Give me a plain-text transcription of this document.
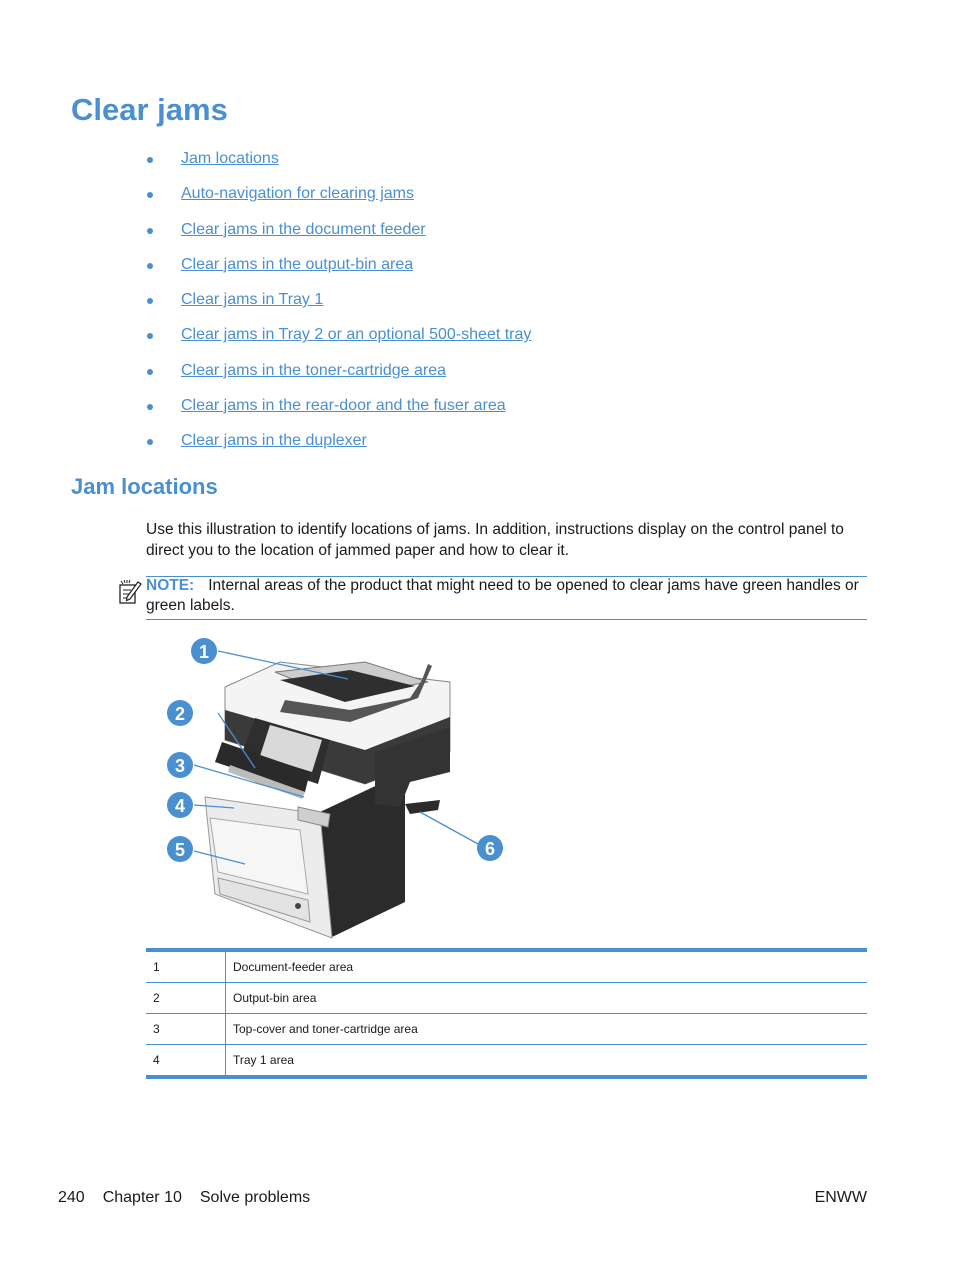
Clear jams
Jam locations
Auto-navigation for clearing jams
Clear jams in the document feeder
Clear jams in the output-bin area
Clear jams in Tray 1
Clear jams in Tray 2 or an optional 500-sheet tray
Clear jams in the toner-cartridge area
Clear jams in the rear-door and the fuser area
Clear jams in the duplexer
Jam locations

Use this illustration to identify locations of jams. In addition, instructions display on the control panel to direct you to the location of jammed paper and how to clear it.

NOTE: Internal areas of the product that might need to be opened to clear jams have green handles or green labels.

1
2
3
4
5	6
1	Document-feeder area
2	Output-bin area
3	Top-cover and toner-cartridge area
4	Tray 1 area
240 Chapter 10 Solve problems	ENWW
